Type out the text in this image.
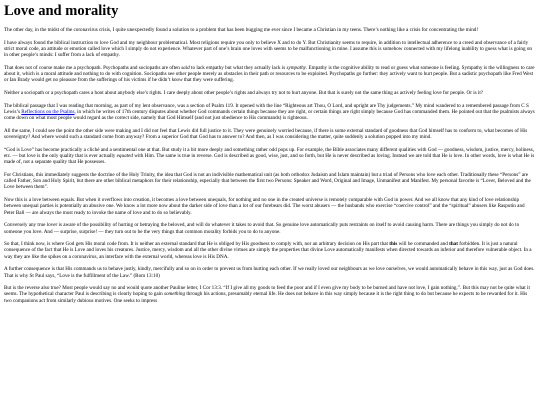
Love and morality

The other day, in the midst of the coronavirus crisis, I quite unexpectedly found a solution to a problem that has been bugging me ever since I became a Christian in my teens. There’s nothing like a crisis for concentrating the mind!

I have always found the biblical instruction to love God and my neighbour problematical. Most religions require you only to believe X and to do Y. But Christianity seems to require, in addition to intellectual adherence to a creed and observance of a fairly strict moral code, an attitude or emotion called love which I simply do not experience. Whatever part of one’s brain one loves with seems to be malfunctioning in mine. I assume this is somehow connected with my lifelong inability to guess what is going on in other people’s minds: I suffer from a lack of empathy.

That does not of course make me a psychopath. Psychopaths and sociopaths are often said to lack empathy but what they actually lack is sympathy. Empathy is the cognitive ability to read or guess what someone is feeling. Sympathy is the willingness to care about it, which is a moral attitude and nothing to do with cognition. Sociopaths see other people merely as obstacles in their path or resources to be exploited. Psychopaths go further: they actively want to hurt people. But a sadistic psychopath like Fred West or Ian Brady would get no pleasure from the sufferings of his victims if he didn’t know that they were suffering.

Neither a sociopath or a psychopath cares a hoot about anybody else’s rights. I care deeply about other people’s rights and always try not to hurt anyone. But that is surely not the same thing as actively feeling love for people. Or is it?

The biblical passage that I was reading that morning, as part of my lent observance, was a section of Psalm 119. It opened with the line “Righteous art Thou, O Lord, and upright are Thy judgements.” My mind wandered to a remembered passage from C S Lewis’s Reflections on the Psalms, in which he writes of 17th century disputes about whether God commands certain things because they are right, or certain things are right simply because God has commanded them. He pointed out that the psalmists always come down on what most people would regard as the correct side, namely that God Himself (and not just obedience to His commands) is righteous.

All the same, I could see the point the other side were making and I did not feel that Lewis did full justice to it. They were genuinely worried because, if there is some external standard of goodness that God himself has to conform to, what becomes of His sovereignty? And where would such a standard come from anyway? From a superior God that God has to answer to? And then, as I was considering the matter, quite suddenly a solution popped into my mind.

“God is Love” has become practically a cliché and a sentimental one at that. But study it a bit more deeply and something rather odd pops up. For example, the Bible associates many different qualities with God — goodness, wisdom, justice, mercy, holiness, etc. — but love is the only quality that is ever actually equated with Him. The same is true in reverse. God is described as good, wise, just, and so forth, but He is never described as loving. Instead we are told that He is love. In other words, love is what He is made of, not a separate quality that He possesses.

For Christians, this immediately suggests the doctrine of the Holy Trinity, the idea that God is not an indivisible mathematical unit (as both orthodox Judaism and Islam maintain) but a triad of Persons who love each other. Traditionally these “Persons” are called Father, Son and Holy Spirit, but there are other biblical metaphors for their relationship, especially that between the first two Persons: Speaker and Word, Original and Image, Unmanifest and Manifest. My personal favorite is “Lover, Beloved and the Love between them”.

Now this is a love between equals. But when it overflows into creation, it becomes a love between unequals, for nothing and no one in the created universe is remotely comparable with God in power. And we all know that any kind of love relationship between unequal parties is potentially an abusive one. We know a lot more now about the darker side of love than a lot of our forebears did. The worst abusers — the husbands who exercise “coercive control” and the “spiritual” abusers like Rasputin and Peter Ball — are always the most ready to invoke the name of love and to do so believably.

Conversely any true lover is aware of the possibility of hurting or betraying the beloved, and will do whatever it takes to avoid that. So genuine love automatically puts restraints on itself to avoid causing harm. There are things you simply do not do to someone you love. And — surprise, surprise! — they turn out to be the very things that common morality forbids you to do to anyone.

So that, I think now, is where God gets His moral code from. It is neither an external standard that He is obliged by His goodness to comply with, nor an arbitrary decision on His part that this will be commanded and that forbidden. It is just a natural consequence of the fact that He is Love and loves his creatures. Justice, mercy, wisdom and all the other divine virtues are simply the properties that divine Love automatically manifests when directed towards an inferior and therefore vulnerable object. In a way they are like the spikes on a coronavirus, an interface with the external world, whereas love is His DNA.

A further consequence is that His commands us to behave justly, kindly, mercifully and so on in order to prevent us from hurting each other. If we really loved our neighbours as we love ourselves, we would automatically behave in this way, just as God does. That is why St Paul says, “Love is the fulfillment of the Law.” (Rom 13:10)

But is the reverse also true? Most people would say no and would quote another Pauline letter, I Cor 13:3. “If I give all my goods to feed the poor and if I even give my body to be burned and have not love, I gain nothing.”. But this may not be quite what it seems. The hypothetical character Paul is describing is clearly hoping to gain something through his actions, presumably eternal life. He does not behave in this way simply because it is the right thing to do but because he expects to be rewarded for it. His two companions act from similarly dubious motives. One seeks to impress
